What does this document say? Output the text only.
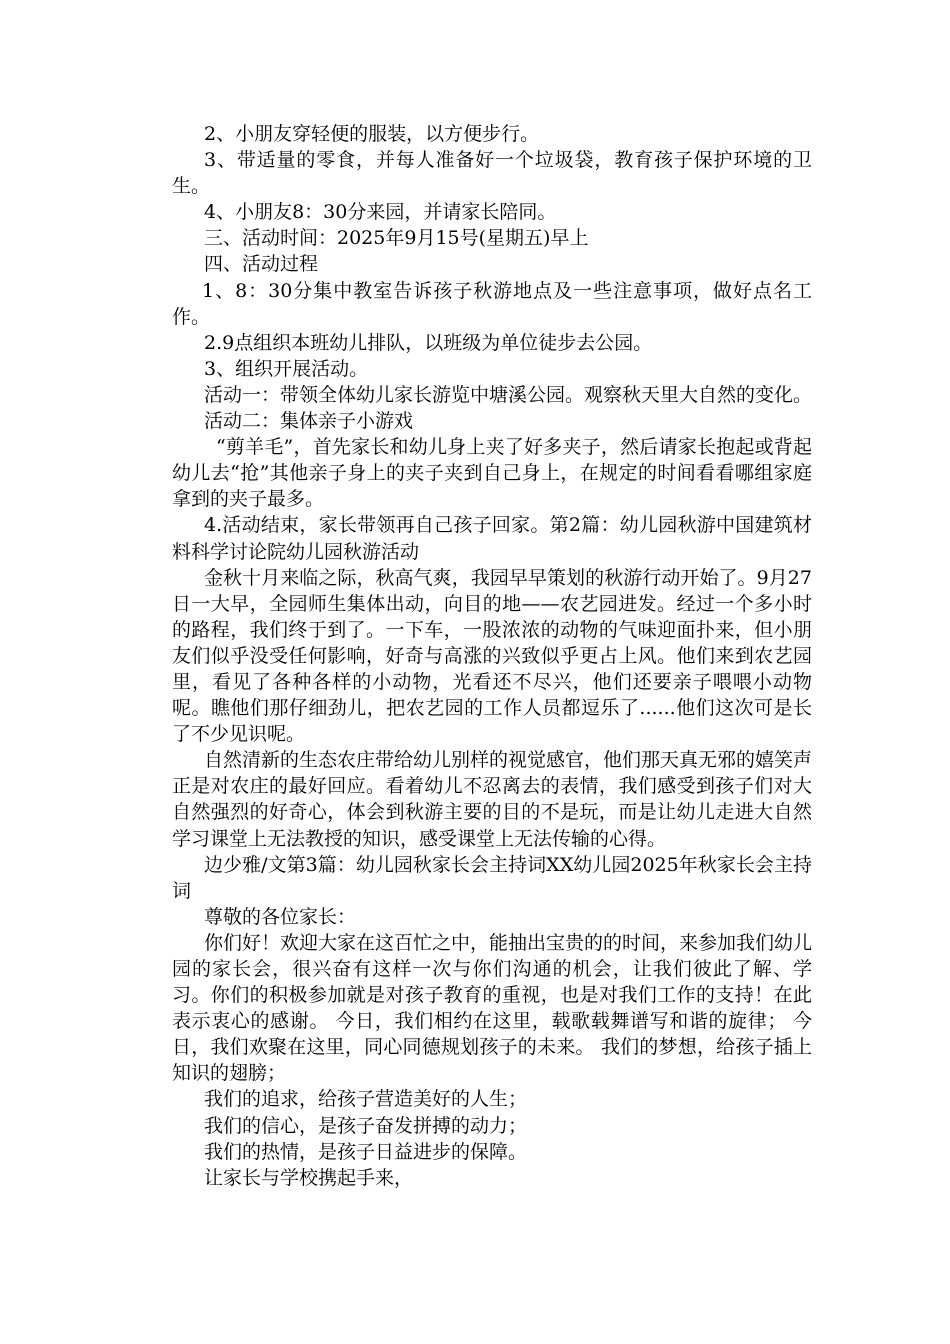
2、小朋友穿轻便的服装，以方便步行。

3、带适量的零食，并每人准备好一个垃圾袋，教育孩子保护环境的卫生。

4、小朋友8：30分来园，并请家长陪同。

三、活动时间：2025年9月15号(星期五)早上

四、活动过程

1、8：30分集中教室告诉孩子秋游地点及一些注意事项，做好点名工作。

2.9点组织本班幼儿排队，以班级为单位徒步去公园。

3、组织开展活动。

活动一：带领全体幼儿家长游览中塘溪公园。观察秋天里大自然的变化。

活动二：集体亲子小游戏

“剪羊毛”，首先家长和幼儿身上夹了好多夹子，然后请家长抱起或背起幼儿去“抢”其他亲子身上的夹子夹到自己身上，在规定的时间看看哪组家庭拿到的夹子最多。

4.活动结束，家长带领再自己孩子回家。第2篇：幼儿园秋游中国建筑材料科学讨论院幼儿园秋游活动

金秋十月来临之际，秋高气爽，我园早早策划的秋游行动开始了。9月27日一大早，全园师生集体出动，向目的地——农艺园进发。经过一个多小时的路程，我们终于到了。一下车，一股浓浓的动物的气味迎面扑来，但小朋友们似乎没受任何影响，好奇与高涨的兴致似乎更占上风。他们来到农艺园里，看见了各种各样的小动物，光看还不尽兴，他们还要亲子喂喂小动物呢。瞧他们那仔细劲儿，把农艺园的工作人员都逗乐了......他们这次可是长了不少见识呢。

自然清新的生态农庄带给幼儿别样的视觉感官，他们那天真无邪的嬉笑声正是对农庄的最好回应。看着幼儿不忍离去的表情，我们感受到孩子们对大自然强烈的好奇心，体会到秋游主要的目的不是玩，而是让幼儿走进大自然学习课堂上无法教授的知识，感受课堂上无法传输的心得。

边少雅/文第3篇：幼儿园秋家长会主持词XX幼儿园2025年秋家长会主持词

尊敬的各位家长：

你们好！欢迎大家在这百忙之中，能抽出宝贵的的时间，来参加我们幼儿园的家长会，很兴奋有这样一次与你们沟通的机会，让我们彼此了解、学习。你们的积极参加就是对孩子教育的重视，也是对我们工作的支持！在此表示衷心的感谢。 今日，我们相约在这里，载歌载舞谱写和谐的旋律； 今日，我们欢聚在这里，同心同德规划孩子的未来。 我们的梦想，给孩子插上知识的翅膀；

我们的追求，给孩子营造美好的人生；

我们的信心，是孩子奋发拼搏的动力；

我们的热情，是孩子日益进步的保障。

让家长与学校携起手来，
